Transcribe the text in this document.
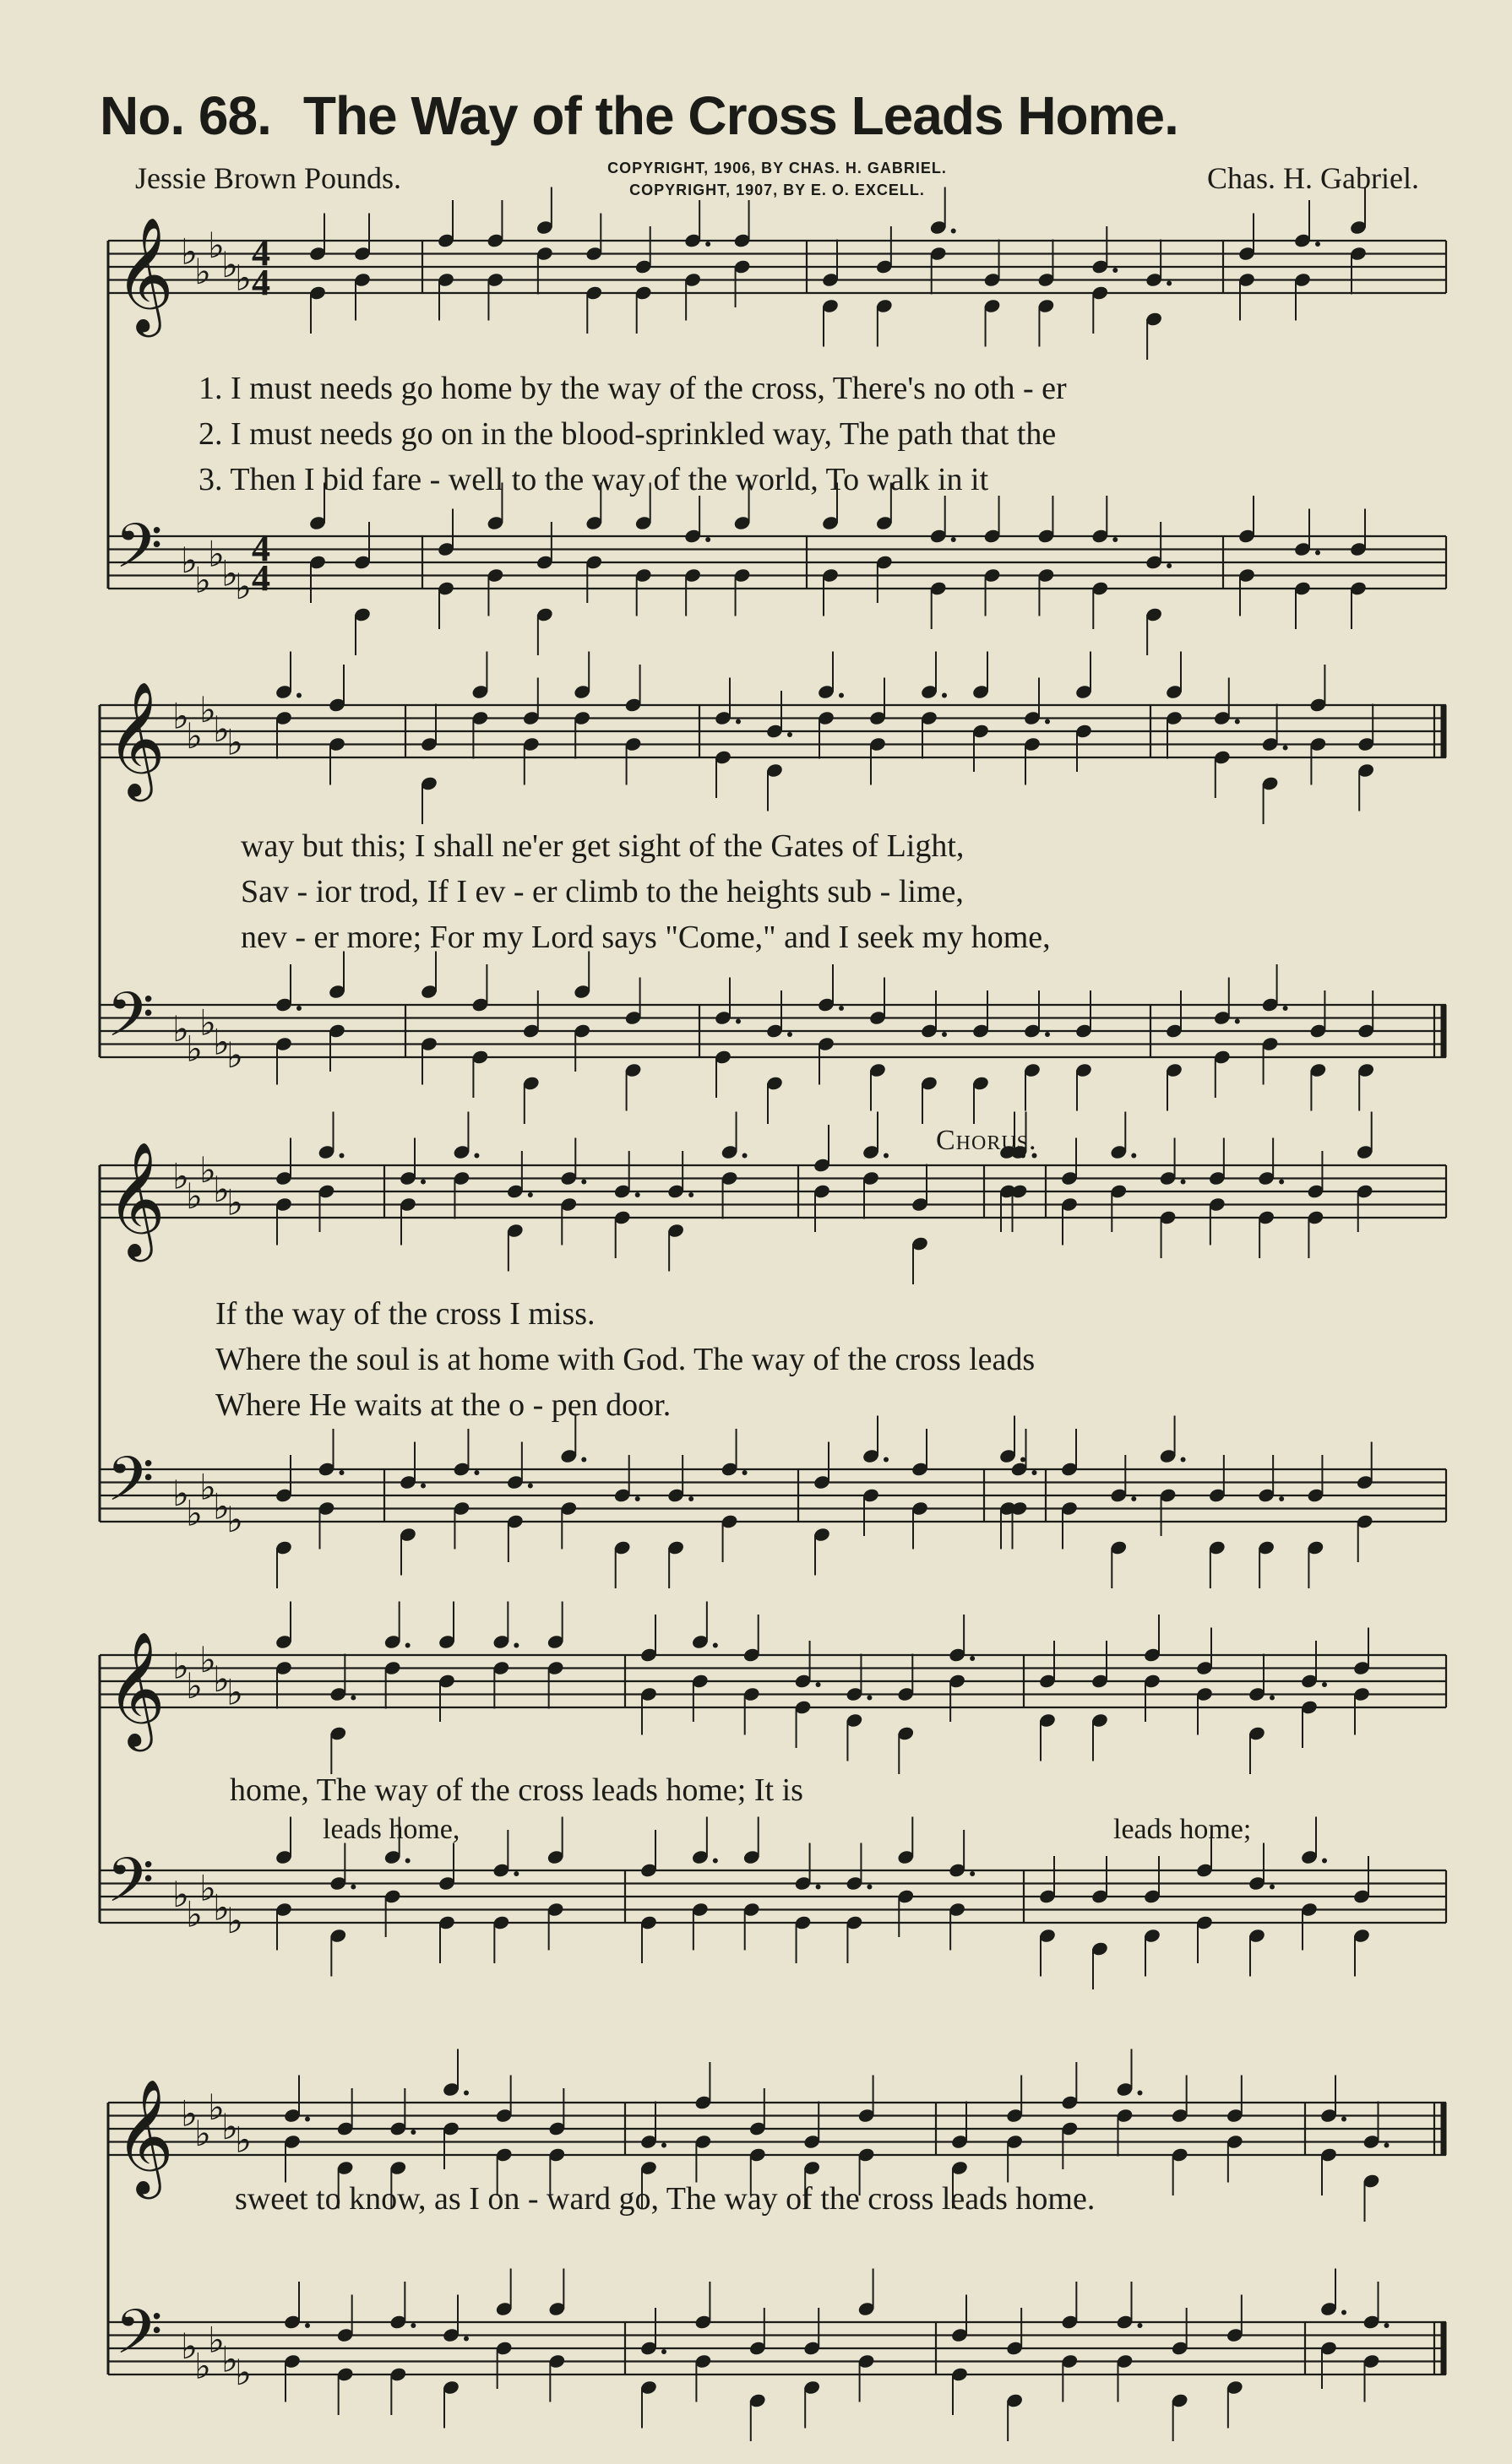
No. 68. The Way of the Cross Leads Home.
Jessie Brown Pounds.	COPYRIGHT, 1906, BY CHAS. H. GABRIEL.
COPYRIGHT, 1907, BY E. O. EXCELL.	Chas. H. Gabriel.
𝄞 ♭
♭
♭
♭
♭
4
4
𝄢 ♭
♭
♭
♭
♭
4
4
𝄞 ♭
♭
♭
♭
♭
𝄢 ♭
♭
♭
♭
♭
𝄞 ♭
♭
♭
♭
♭
𝄢 ♭
♭
♭
♭
♭
𝄞 ♭
♭
♭
♭
♭
𝄢 ♭
♭
♭
♭
♭
𝄞 ♭
♭
♭
♭
♭
𝄢 ♭
♭
♭
♭
♭
1. I must needs go home by the way of the cross, There's no oth - er
2. I must needs go on in the blood-sprinkled way, The path that the
3. Then I bid fare - well to the way of the world, To walk in it
way but this; I shall ne'er get sight of the Gates of Light,
Sav - ior trod, If I ev - er climb to the heights sub - lime,
nev - er more; For my Lord says "Come," and I seek my home,
Chorus.
If the way of the cross I miss.
Where the soul is at home with God. The way of the cross leads
Where He waits at the o - pen door.
home, The way of the cross leads home; It is
leads home,	leads home;
sweet to know, as I on - ward go, The way of the cross leads home.
